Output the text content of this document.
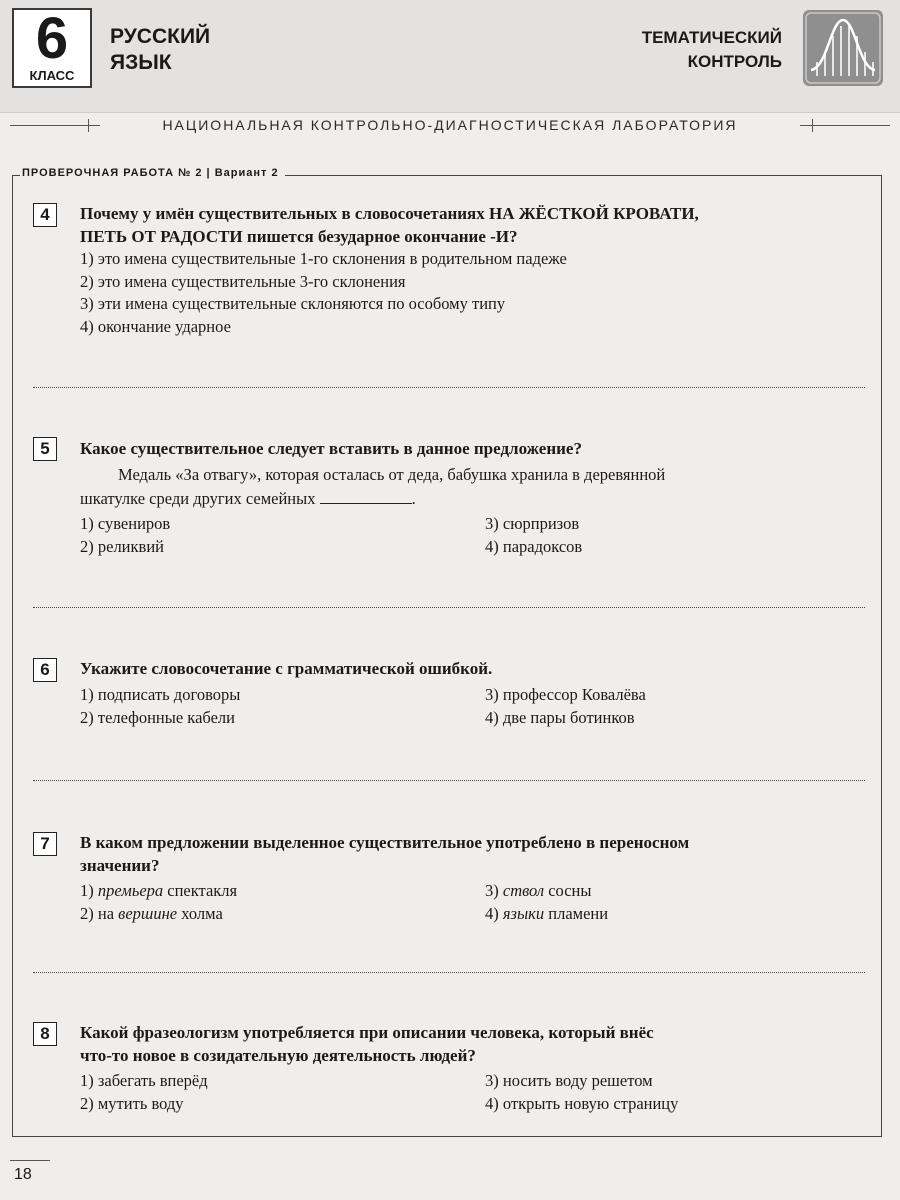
6
КЛАСС
РУССКИЙ
ЯЗЫК
ТЕМАТИЧЕСКИЙ
КОНТРОЛЬ
НАЦИОНАЛЬНАЯ КОНТРОЛЬНО-ДИАГНОСТИЧЕСКАЯ ЛАБОРАТОРИЯ
ПРОВЕРОЧНАЯ РАБОТА № 2 | Вариант 2
4	Почему у имён существительных в словосочетаниях НА ЖЁСТКОЙ КРОВАТИ,
ПЕТЬ ОТ РАДОСТИ пишется безударное окончание -И?
1) это имена существительные 1-го склонения в родительном падеже
2) это имена существительные 3-го склонения
3) эти имена существительные склоняются по особому типу
4) окончание ударное
5	Какое существительное следует вставить в данное предложение?
Медаль «За отвагу», которая осталась от деда, бабушка хранила в деревянной
шкатулке среди других семейных	.
1) сувениров
2) реликвий
3) сюрпризов
4) парадоксов
6	Укажите словосочетание с грамматической ошибкой.
1) подписать договоры
2) телефонные кабели
3) профессор Ковалёва
4) две пары ботинков
7	В каком предложении выделенное существительное употреблено в переносном
значении?
1) премьера спектакля
2) на вершине холма
3) ствол сосны
4) языки пламени
8	Какой фразеологизм употребляется при описании человека, который внёс
что-то новое в созидательную деятельность людей?
1) забегать вперёд
2) мутить воду
3) носить воду решетом
4) открыть новую страницу
18
